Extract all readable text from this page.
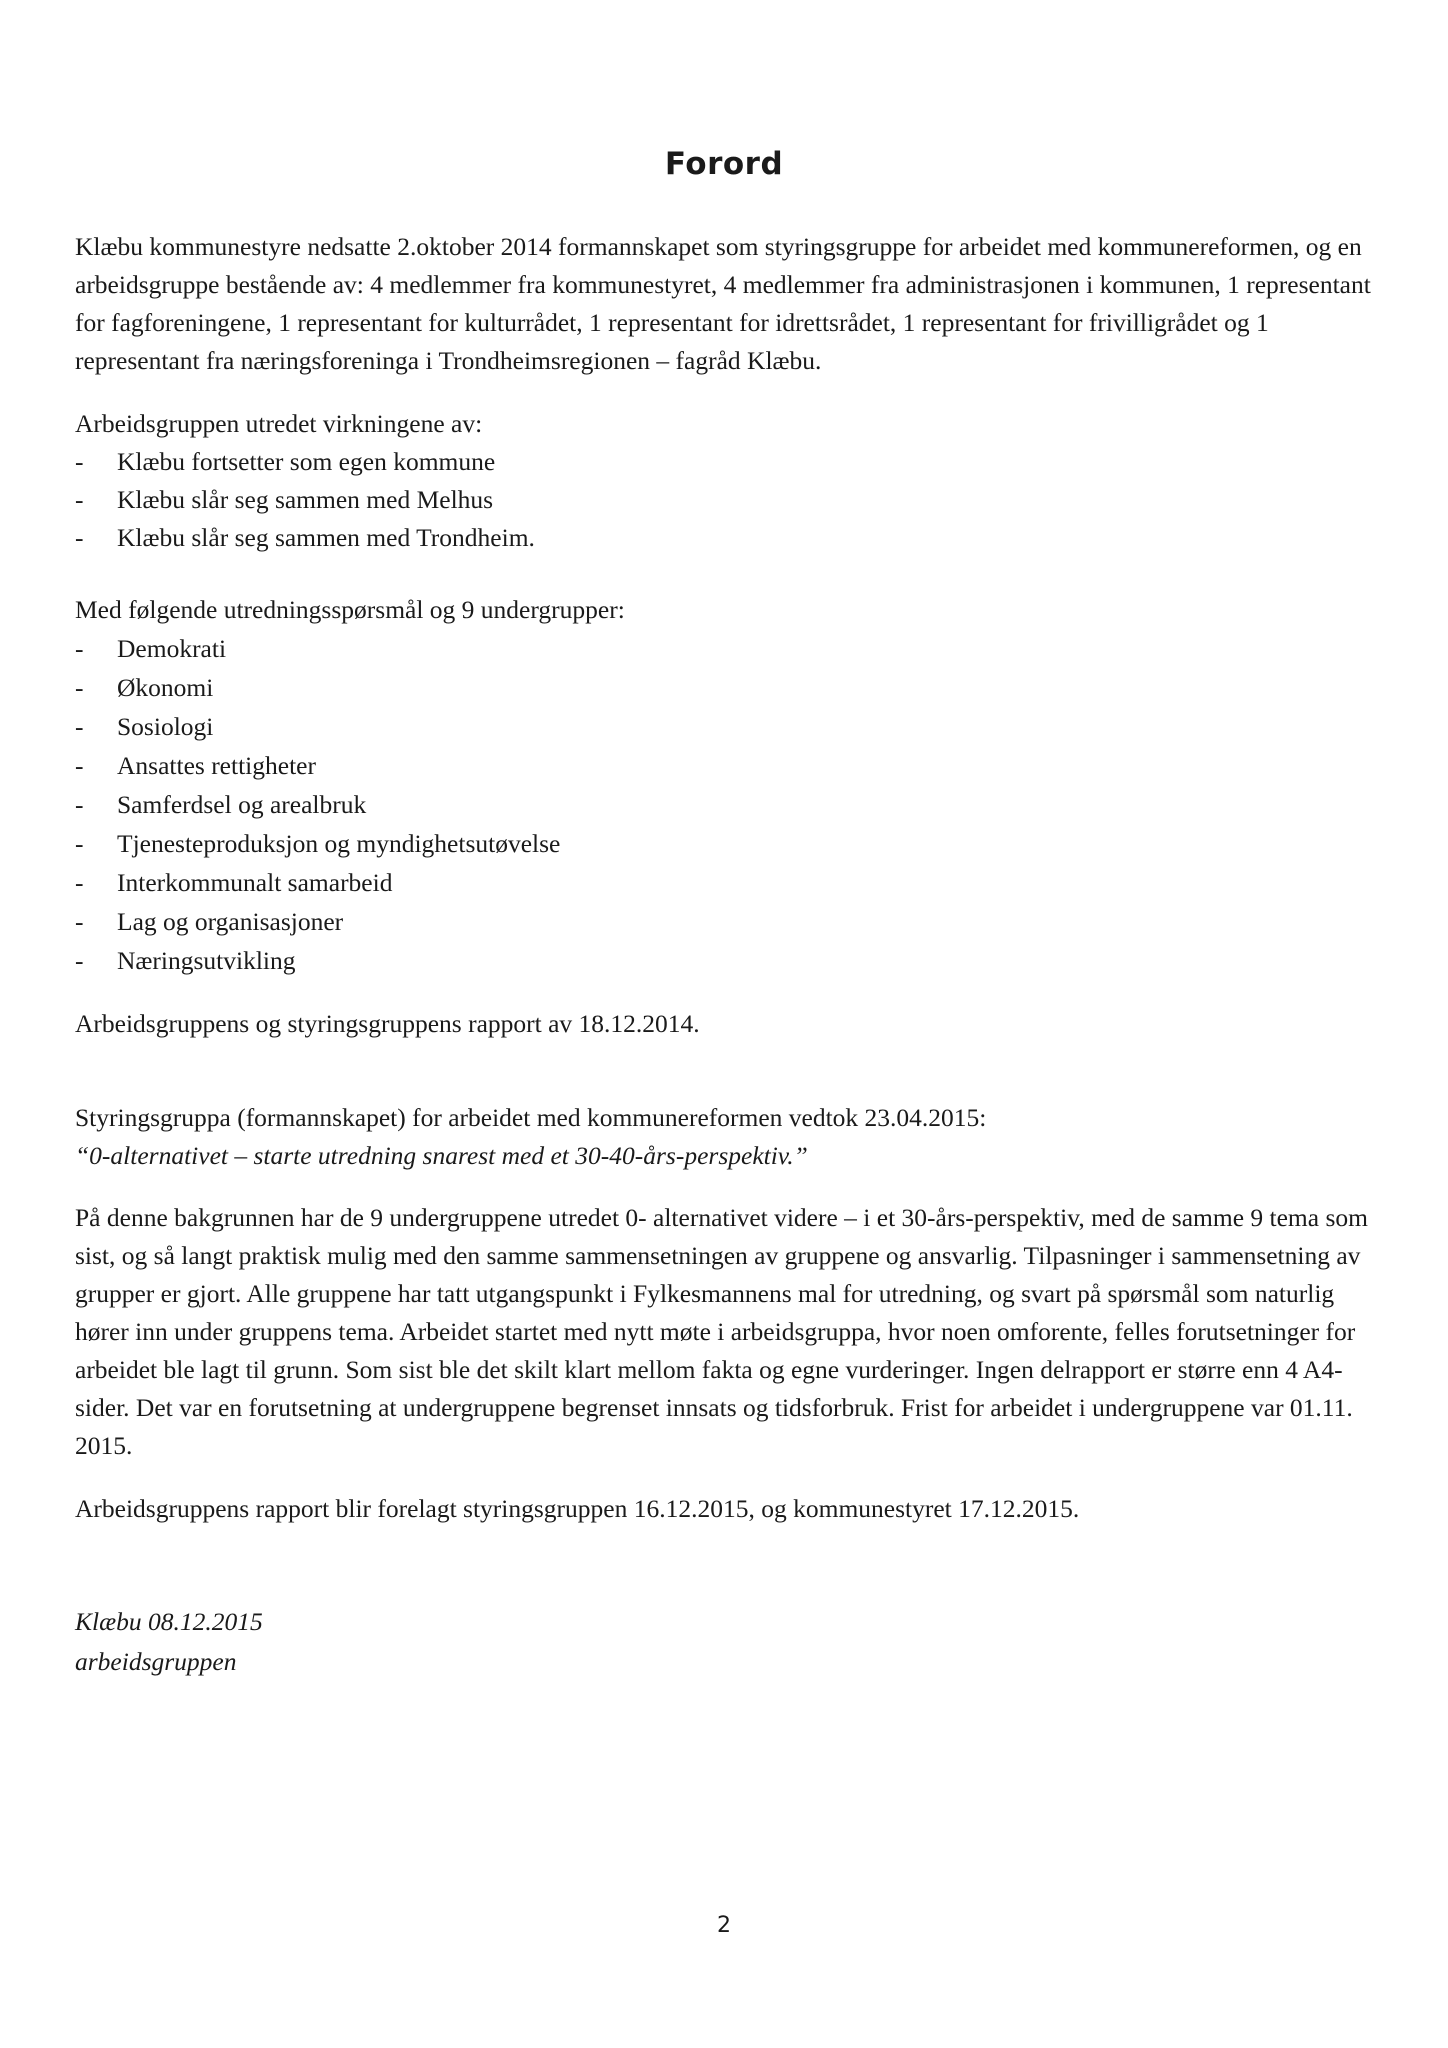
Forord

Klæbu kommunestyre nedsatte 2.oktober 2014 formannskapet som styringsgruppe for arbeidet med kommunereformen, og en arbeidsgruppe bestående av: 4 medlemmer fra kommunestyret, 4 medlemmer fra administrasjonen i kommunen, 1 representant for fagforeningene, 1 representant for kulturrådet, 1 representant for idrettsrådet, 1 representant for frivilligrådet og 1 representant fra næringsforeninga i Trondheimsregionen – fagråd Klæbu.

Arbeidsgruppen utredet virkningene av:

- Klæbu fortsetter som egen kommune
- Klæbu slår seg sammen med Melhus
- Klæbu slår seg sammen med Trondheim.

Med følgende utredningsspørsmål og 9 undergrupper:

- Demokrati
- Økonomi
- Sosiologi
- Ansattes rettigheter
- Samferdsel og arealbruk
- Tjenesteproduksjon og myndighetsutøvelse
- Interkommunalt samarbeid
- Lag og organisasjoner
- Næringsutvikling

Arbeidsgruppens og styringsgruppens rapport av 18.12.2014.

Styringsgruppa (formannskapet) for arbeidet med kommunereformen vedtok 23.04.2015:

“0-alternativet – starte utredning snarest med et 30-40-års-perspektiv.”

På denne bakgrunnen har de 9 undergruppene utredet 0- alternativet videre – i et 30-års-perspektiv, med de samme 9 tema som sist, og så langt praktisk mulig med den samme sammensetningen av gruppene og ansvarlig. Tilpasninger i sammensetning av grupper er gjort. Alle gruppene har tatt utgangspunkt i Fylkesmannens mal for utredning, og svart på spørsmål som naturlig hører inn under gruppens tema. Arbeidet startet med nytt møte i arbeidsgruppa, hvor noen omforente, felles forutsetninger for arbeidet ble lagt til grunn. Som sist ble det skilt klart mellom fakta og egne vurderinger. Ingen delrapport er større enn 4 A4-sider. Det var en forutsetning at undergruppene begrenset innsats og tidsforbruk. Frist for arbeidet i undergruppene var 01.11. 2015.

Arbeidsgruppens rapport blir forelagt styringsgruppen 16.12.2015, og kommunestyret 17.12.2015.

Klæbu 08.12.2015
arbeidsgruppen
2
